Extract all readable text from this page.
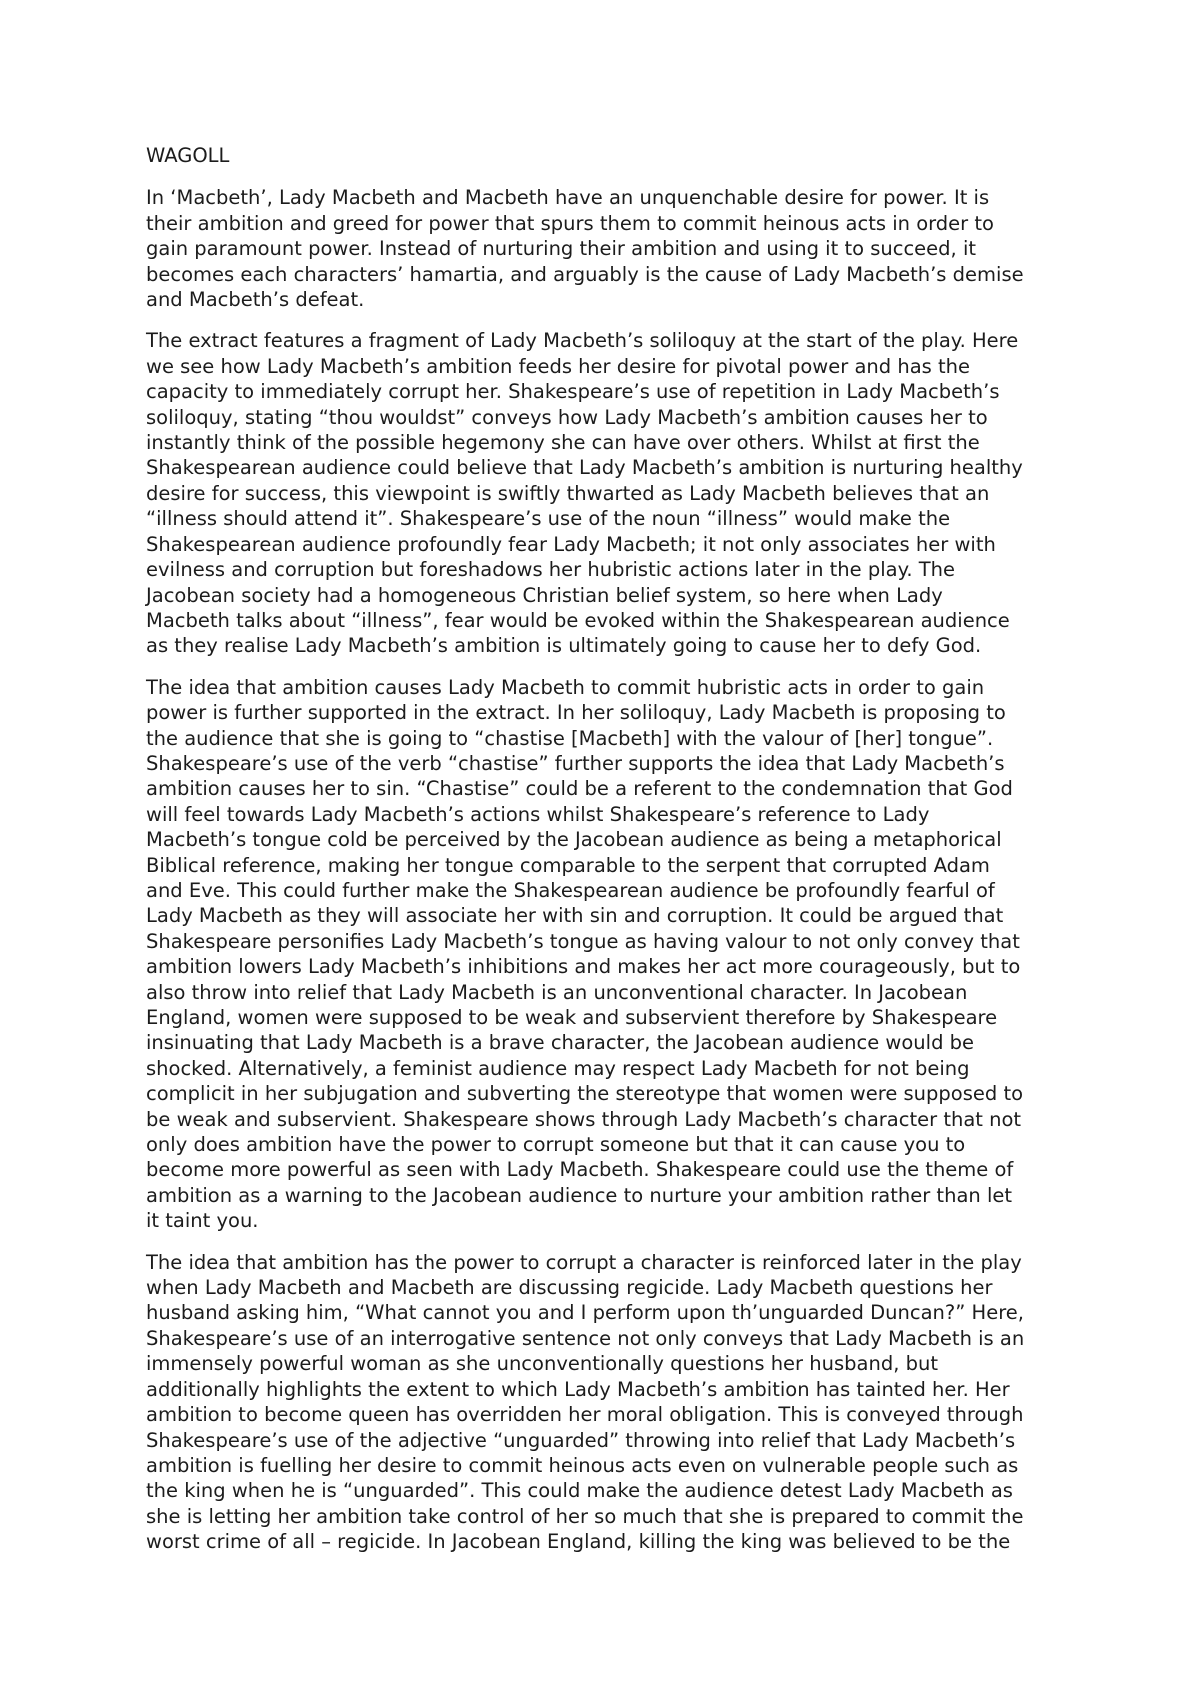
WAGOLL

In ‘Macbeth’, Lady Macbeth and Macbeth have an unquenchable desire for power. It is
their ambition and greed for power that spurs them to commit heinous acts in order to
gain paramount power. Instead of nurturing their ambition and using it to succeed, it
becomes each characters’ hamartia, and arguably is the cause of Lady Macbeth’s demise
and Macbeth’s defeat.

The extract features a fragment of Lady Macbeth’s soliloquy at the start of the play. Here
we see how Lady Macbeth’s ambition feeds her desire for pivotal power and has the
capacity to immediately corrupt her. Shakespeare’s use of repetition in Lady Macbeth’s
soliloquy, stating “thou wouldst” conveys how Lady Macbeth’s ambition causes her to
instantly think of the possible hegemony she can have over others. Whilst at first the
Shakespearean audience could believe that Lady Macbeth’s ambition is nurturing healthy
desire for success, this viewpoint is swiftly thwarted as Lady Macbeth believes that an
“illness should attend it”. Shakespeare’s use of the noun “illness” would make the
Shakespearean audience profoundly fear Lady Macbeth; it not only associates her with
evilness and corruption but foreshadows her hubristic actions later in the play. The
Jacobean society had a homogeneous Christian belief system, so here when Lady
Macbeth talks about “illness”, fear would be evoked within the Shakespearean audience
as they realise Lady Macbeth’s ambition is ultimately going to cause her to defy God.

The idea that ambition causes Lady Macbeth to commit hubristic acts in order to gain
power is further supported in the extract. In her soliloquy, Lady Macbeth is proposing to
the audience that she is going to “chastise [Macbeth] with the valour of [her] tongue”.
Shakespeare’s use of the verb “chastise” further supports the idea that Lady Macbeth’s
ambition causes her to sin. “Chastise” could be a referent to the condemnation that God
will feel towards Lady Macbeth’s actions whilst Shakespeare’s reference to Lady
Macbeth’s tongue cold be perceived by the Jacobean audience as being a metaphorical
Biblical reference, making her tongue comparable to the serpent that corrupted Adam
and Eve. This could further make the Shakespearean audience be profoundly fearful of
Lady Macbeth as they will associate her with sin and corruption. It could be argued that
Shakespeare personifies Lady Macbeth’s tongue as having valour to not only convey that
ambition lowers Lady Macbeth’s inhibitions and makes her act more courageously, but to
also throw into relief that Lady Macbeth is an unconventional character. In Jacobean
England, women were supposed to be weak and subservient therefore by Shakespeare
insinuating that Lady Macbeth is a brave character, the Jacobean audience would be
shocked. Alternatively, a feminist audience may respect Lady Macbeth for not being
complicit in her subjugation and subverting the stereotype that women were supposed to
be weak and subservient. Shakespeare shows through Lady Macbeth’s character that not
only does ambition have the power to corrupt someone but that it can cause you to
become more powerful as seen with Lady Macbeth. Shakespeare could use the theme of
ambition as a warning to the Jacobean audience to nurture your ambition rather than let
it taint you.

The idea that ambition has the power to corrupt a character is reinforced later in the play
when Lady Macbeth and Macbeth are discussing regicide. Lady Macbeth questions her
husband asking him, “What cannot you and I perform upon th’unguarded Duncan?” Here,
Shakespeare’s use of an interrogative sentence not only conveys that Lady Macbeth is an
immensely powerful woman as she unconventionally questions her husband, but
additionally highlights the extent to which Lady Macbeth’s ambition has tainted her. Her
ambition to become queen has overridden her moral obligation. This is conveyed through
Shakespeare’s use of the adjective “unguarded” throwing into relief that Lady Macbeth’s
ambition is fuelling her desire to commit heinous acts even on vulnerable people such as
the king when he is “unguarded”. This could make the audience detest Lady Macbeth as
she is letting her ambition take control of her so much that she is prepared to commit the
worst crime of all – regicide. In Jacobean England, killing the king was believed to be the
